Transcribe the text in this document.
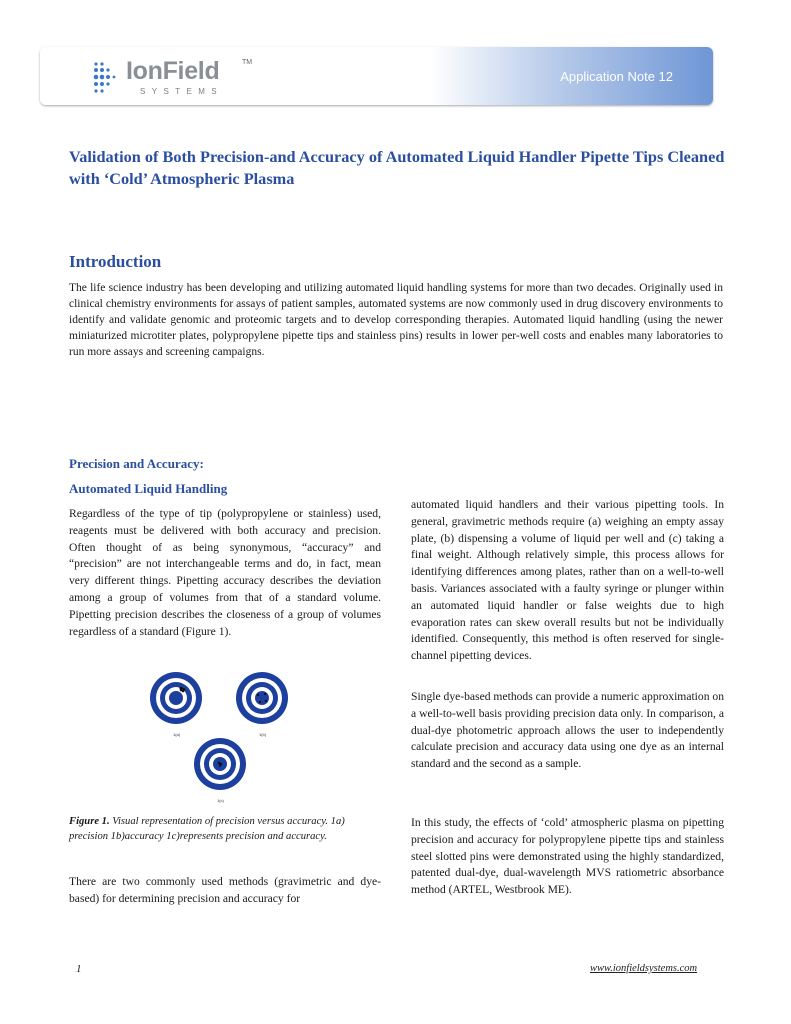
IonField	TM
SYSTEMS
Application Note 12
Validation of Both Precision-and Accuracy of Automated Liquid Handler Pipette Tips Cleaned with ‘Cold’ Atmospheric Plasma
Introduction

The life science industry has been developing and utilizing automated liquid handling systems for more than two decades. Originally used in clinical chemistry environments for assays of patient samples, automated systems are now commonly used in drug discovery environments to identify and validate genomic and proteomic targets and to develop corresponding therapies. Automated liquid handling (using the newer miniaturized microtiter plates, polypropylene pipette tips and stainless pins) results in lower per-well costs and enables many laboratories to run more assays and screening campaigns.

Precision and Accuracy:
Automated Liquid Handling

Regardless of the type of tip (polypropylene or stainless) used, reagents must be delivered with both accuracy and precision. Often thought of as being synonymous, “accuracy” and “precision” are not interchangeable terms and do, in fact, mean very different things. Pipetting accuracy describes the deviation among a group of volumes from that of a standard volume. Pipetting precision describes the closeness of a group of volumes regardless of a standard (Figure 1).

1(a)	1(b)
1(c)

Figure 1. Visual representation of precision versus accuracy. 1a) precision 1b)accuracy 1c)represents precision and accuracy.

There are two commonly used methods (gravimetric and dye-based) for determining precision and accuracy for

automated liquid handlers and their various pipetting tools. In general, gravimetric methods require (a) weighing an empty assay plate, (b) dispensing a volume of liquid per well and (c) taking a final weight. Although relatively simple, this process allows for identifying differences among plates, rather than on a well-to-well basis. Variances associated with a faulty syringe or plunger within an automated liquid handler or false weights due to high evaporation rates can skew overall results but not be individually identified. Consequently, this method is often reserved for single-channel pipetting devices.

Single dye-based methods can provide a numeric approximation on a well-to-well basis providing precision data only. In comparison, a dual-dye photometric approach allows the user to independently calculate precision and accuracy data using one dye as an internal standard and the second as a sample.

In this study, the effects of ‘cold’ atmospheric plasma on pipetting precision and accuracy for polypropylene pipette tips and stainless steel slotted pins were demonstrated using the highly standardized, patented dual-dye, dual-wavelength MVS ratiometric absorbance method (ARTEL, Westbrook ME).

1	www.ionfieldsystems.com
